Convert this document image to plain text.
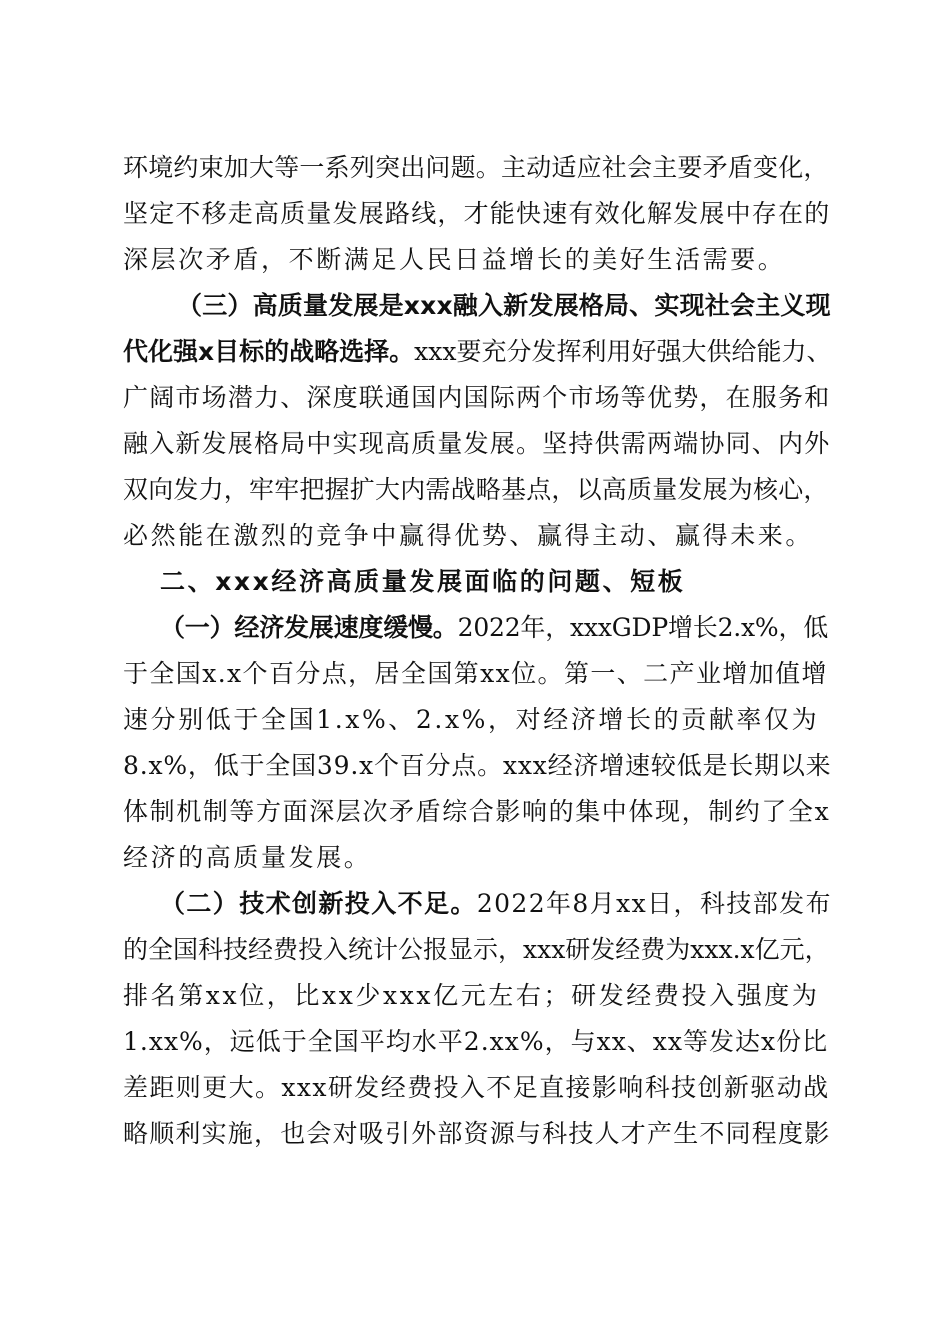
环境约束加大等一系列突出问题。主动适应社会主要矛盾变化，
坚定不移走高质量发展路线，才能快速有效化解发展中存在的
深层次矛盾，不断满足人民日益增长的美好生活需要。
（三）高质量发展是xxx融入新发展格局、实现社会主义现
代化强x目标的战略选择。xxx要充分发挥利用好强大供给能力、
广阔市场潜力、深度联通国内国际两个市场等优势，在服务和
融入新发展格局中实现高质量发展。坚持供需两端协同、内外
双向发力，牢牢把握扩大内需战略基点，以高质量发展为核心，
必然能在激烈的竞争中赢得优势、赢得主动、赢得未来。
二、xxx经济高质量发展面临的问题、短板
（一）经济发展速度缓慢。2022年，xxxGDP增长2.x%，低
于全国x.x个百分点，居全国第xx位。第一、二产业增加值增
速分别低于全国1.x%、2.x%，对经济增长的贡献率仅为
8.x%，低于全国39.x个百分点。xxx经济增速较低是长期以来
体制机制等方面深层次矛盾综合影响的集中体现，制约了全x
经济的高质量发展。
（二）技术创新投入不足。2022年8月xx日，科技部发布
的全国科技经费投入统计公报显示，xxx研发经费为xxx.x亿元，
排名第xx位，比xx少xxx亿元左右；研发经费投入强度为
1.xx%，远低于全国平均水平2.xx%，与xx、xx等发达x份比
差距则更大。xxx研发经费投入不足直接影响科技创新驱动战
略顺利实施，也会对吸引外部资源与科技人才产生不同程度影
